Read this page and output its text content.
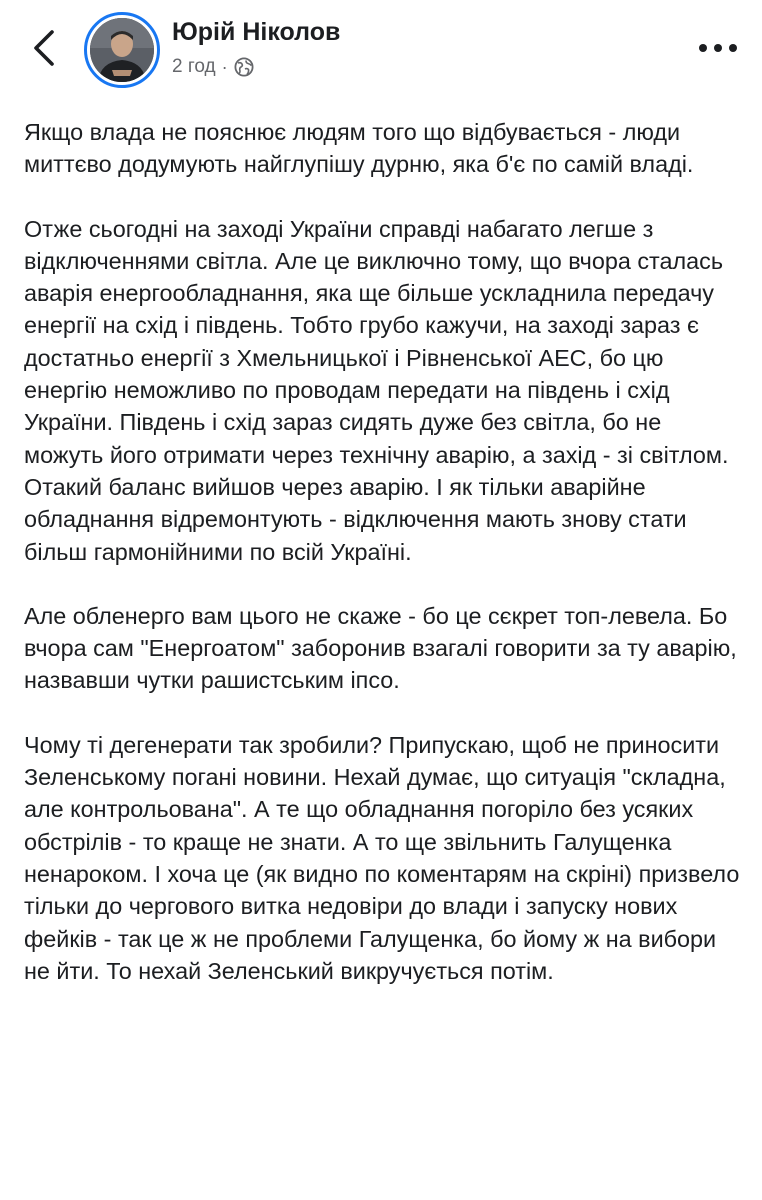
Юрій Ніколов
2 год ·

Якщо влада не пояснює людям того що відбувається - люди миттєво додумують найглупішу дурню, яка б'є по самій владі.

Отже сьогодні на заході України справді набагато легше з відключеннями світла. Але це виключно тому, що вчора сталась аварія енергообладнання, яка ще більше ускладнила передачу енергії на схід і південь. Тобто грубо кажучи, на заході зараз є достатньо енергії з Хмельницької і Рівненської АЕС, бо цю енергію неможливо по проводам передати на південь і схід України. Південь і схід зараз сидять дуже без світла, бо не можуть його отримати через технічну аварію, а захід - зі світлом. Отакий баланс вийшов через аварію. І як тільки аварійне обладнання відремонтують - відключення мають знову стати більш гармонійними по всій Україні.

Але обленерго вам цього не скаже - бо це сєкрет топ-левела. Бо вчора сам "Енергоатом" заборонив взагалі говорити за ту аварію, назвавши чутки рашистським іпсо.

Чому ті дегенерати так зробили? Припускаю, щоб не приносити Зеленському погані новини. Нехай думає, що ситуація "складна, але контрольована". А те що обладнання погоріло без усяких обстрілів - то краще не знати. А то ще звільнить Галущенка ненароком. І хоча це (як видно по коментарям на скріні) призвело тільки до чергового витка недовіри до влади і запуску нових фейків - так це ж не проблеми Галущенка, бо йому ж на вибори не йти. То нехай Зеленський викручується потім.
